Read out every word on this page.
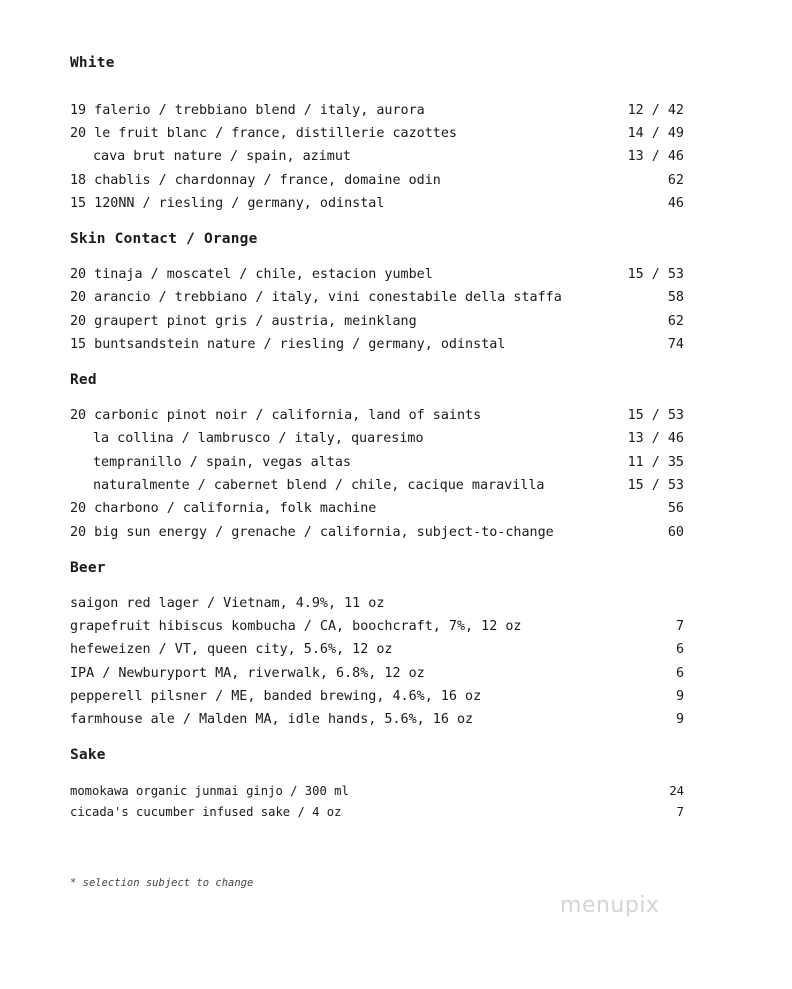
White
19 falerio / trebbiano blend / italy, aurora	12 / 42
20 le fruit blanc / france, distillerie cazottes	14 / 49
cava brut nature / spain, azimut	13 / 46
18 chablis / chardonnay / france, domaine odin	62
15 120NN / riesling / germany, odinstal	46
Skin Contact / Orange
20 tinaja / moscatel / chile, estacion yumbel	15 / 53
20 arancio / trebbiano / italy, vini conestabile della staffa	58
20 graupert pinot gris / austria, meinklang	62
15 buntsandstein nature / riesling / germany, odinstal	74
Red
20 carbonic pinot noir / california, land of saints	15 / 53
la collina / lambrusco / italy, quaresimo	13 / 46
tempranillo / spain, vegas altas	11 / 35
naturalmente / cabernet blend / chile, cacique maravilla	15 / 53
20 charbono / california, folk machine	56
20 big sun energy / grenache / california, subject-to-change	60
Beer
saigon red lager / Vietnam, 4.9%, 11 oz
grapefruit hibiscus kombucha / CA, boochcraft, 7%, 12 oz	7
hefeweizen / VT, queen city, 5.6%, 12 oz	6
IPA / Newburyport MA, riverwalk, 6.8%, 12 oz	6
pepperell pilsner / ME, banded brewing, 4.6%, 16 oz	9
farmhouse ale / Malden MA, idle hands, 5.6%, 16 oz	9
Sake
momokawa organic junmai ginjo / 300 ml	24
cicada's cucumber infused sake / 4 oz	7
* selection subject to change
menupix
